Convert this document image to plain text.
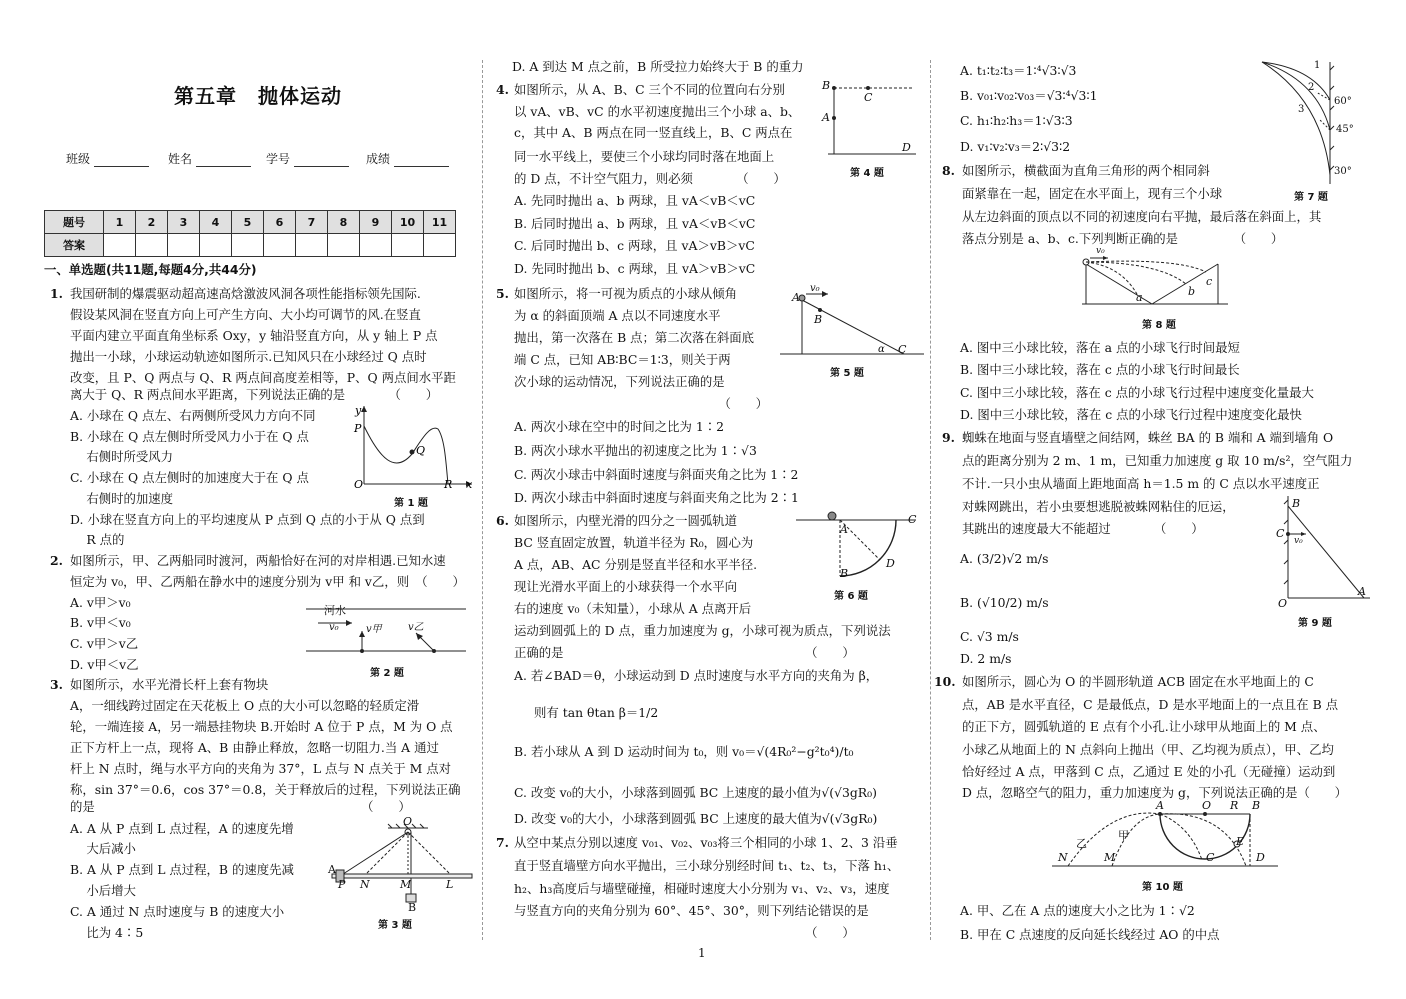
第五章　抛体运动
班级	姓名	学号	成绩
题号	1	2	3	4	5	6	7	8	9	10	11
答案											
一、单选题(共11题,每题4分,共44分)
1. 我国研制的爆震驱动超高速高焓激波风洞各项性能指标领先国际.
假设某风洞在竖直方向上可产生方向、大小均可调节的风.在竖直
平面内建立平面直角坐标系 Oxy，y 轴沿竖直方向，从 y 轴上 P 点
抛出一小球，小球运动轨迹如图所示.已知风只在小球经过 Q 点时
改变，且 P、Q 两点与 Q、R 两点间高度差相等，P、Q 两点间水平距
离大于 Q、R 两点间水平距离，下列说法正确的是　　　　（　　）
A. 小球在 Q 点左、右两侧所受风力方向不同
B. 小球在 Q 点左侧时所受风力小于在 Q 点
　 右侧时所受风力
C. 小球在 Q 点左侧时的加速度大于在 Q 点
　 右侧时的加速度
D. 小球在竖直方向上的平均速度从 P 点到 Q 点的小于从 Q 点到
　 R 点的
y
P
Q
O	R x
第 1 题
2. 如图所示，甲、乙两船同时渡河，两船恰好在河的对岸相遇.已知水速
恒定为 v₀，甲、乙两船在静水中的速度分别为 v甲 和 v乙，则　（　　）
A. v甲＞v₀
B. v甲＜v₀
C. v甲＞v乙
D. v甲＜v乙
河水
v₀	v甲	v乙
第 2 题
3. 如图所示，水平光滑长杆上套有物块
A，一细线跨过固定在天花板上 O 点的大小可以忽略的轻质定滑
轮，一端连接 A，另一端悬挂物块 B.开始时 A 位于 P 点，M 为 O 点
正下方杆上一点，现将 A、B 由静止释放，忽略一切阻力.当 A 通过
杆上 N 点时，绳与水平方向的夹角为 37°，L 点与 N 点关于 M 点对
称，sin 37°＝0.6，cos 37°＝0.8，关于释放后的过程，下列说法正确
的是　　　　　　　　　　　　　　　　　　　　　　（　　）
A. A 从 P 点到 L 点过程，A 的速度先增
　 大后减小
B. A 从 P 点到 L 点过程，B 的速度先减
　 小后增大
C. A 通过 N 点时速度与 B 的速度大小
　 比为 4∶5
O
A
P N	M	L
B
第 3 题
D. A 到达 M 点之前，B 所受拉力始终大于 B 的重力
4. 如图所示，从 A、B、C 三个不同的位置向右分别
以 vA、vB、vC 的水平初速度抛出三个小球 a、b、
c，其中 A、B 两点在同一竖直线上，B、C 两点在
同一水平线上，要使三个小球均同时落在地面上
的 D 点，不计空气阻力，则必须　　　　（　　）
A. 先同时抛出 a、b 两球，且 vA＜vB＜vC
B. 后同时抛出 a、b 两球，且 vA＜vB＜vC
C. 后同时抛出 b、c 两球，且 vA＞vB＞vC
D. 先同时抛出 b、c 两球，且 vA＞vB＞vC
B
C
A
D
第 4 题
5. 如图所示，将一可视为质点的小球从倾角
为 α 的斜面顶端 A 点以不同速度水平
抛出，第一次落在 B 点；第二次落在斜面底
端 C 点，已知 AB∶BC＝1∶3，则关于两
次小球的运动情况，下列说法正确的是
　　　　　　　　　　　　　　　　　（　　）
A. 两次小球在空中的时间之比为 1∶2
B. 两次小球水平抛出的初速度之比为 1∶√3
C. 两次小球击中斜面时速度与斜面夹角之比为 1∶2
D. 两次小球击中斜面时速度与斜面夹角之比为 2∶1
v₀
A
B
α C
第 5 题
6. 如图所示，内壁光滑的四分之一圆弧轨道
BC 竖直固定放置，轨道半径为 R₀，圆心为
A 点，AB、AC 分别是竖直半径和水平半径.
现让光滑水平面上的小球获得一个水平向
右的速度 v₀（未知量），小球从 A 点离开后
运动到圆弧上的 D 点，重力加速度为 g，小球可视为质点，下列说法
正确的是　　　　　　　　　　　　　　　　　　　　（　　）
A. 若∠BAD＝θ，小球运动到 D 点时速度与水平方向的夹角为 β，
则有 tan θtan β＝1/2
B. 若小球从 A 到 D 运动时间为 t₀，则 v₀＝√(4R₀²−g²t₀⁴)/t₀
C. 改变 v₀的大小，小球落到圆弧 BC 上速度的最小值为√(√3gR₀)
D. 改变 v₀的大小，小球落到圆弧 BC 上速度的最大值为√(√3gR₀)
A
C
B
D
第 6 题
7. 从空中某点分别以速度 v₀₁、v₀₂、v₀₃将三个相同的小球 1、2、3 沿垂
直于竖直墙壁方向水平抛出，三小球分别经时间 t₁、t₂、t₃，下落 h₁、
h₂、h₃高度后与墙壁碰撞，相碰时速度大小分别为 v₁、v₂、v₃，速度
与竖直方向的夹角分别为 60°、45°、30°，则下列结论错误的是
　　　　　　　　　　　　　　　　　　　　　　　　（　　）
A. t₁∶t₂∶t₃＝1∶⁴√3∶√3
B. v₀₁∶v₀₂∶v₀₃＝√3∶⁴√3∶1
C. h₁∶h₂∶h₃＝1∶√3∶3
D. v₁∶v₂∶v₃＝2∶√3∶2
1
2
3
60°
45°
30°
第 7 题
8. 如图所示，横截面为直角三角形的两个相同斜
面紧靠在一起，固定在水平面上，现有三个小球
从左边斜面的顶点以不同的初速度向右平抛，最后落在斜面上，其
落点分别是 a、b、c.下列判断正确的是　　　　　（　　）
v₀
a	b
c
第 8 题
A. 图中三小球比较，落在 a 点的小球飞行时间最短
B. 图中三小球比较，落在 c 点的小球飞行时间最长
C. 图中三小球比较，落在 c 点的小球飞行过程中速度变化量最大
D. 图中三小球比较，落在 c 点的小球飞行过程中速度变化最快
9. 蜘蛛在地面与竖直墙壁之间结网，蛛丝 BA 的 B 端和 A 端到墙角 O
点的距离分别为 2 m、1 m，已知重力加速度 g 取 10 m/s²，空气阻力
不计.一只小虫从墙面上距地面高 h＝1.5 m 的 C 点以水平速度正
对蛛网跳出，若小虫要想逃脱被蛛网粘住的厄运，
其跳出的速度最大不能超过　　　　（　　）
A. (3/2)√2 m/s
B. (√10/2) m/s
C. √3 m/s
D. 2 m/s
B
C
v₀
O
A
第 9 题
10. 如图所示，圆心为 O 的半圆形轨道 ACB 固定在水平地面上的 C
点，AB 是水平直径，C 是最低点，D 是水平地面上的一点且在 B 点
的正下方，圆弧轨道的 E 点有个小孔.让小球甲从地面上的 M 点、
小球乙从地面上的 N 点斜向上抛出（甲、乙均视为质点），甲、乙均
恰好经过 A 点，甲落到 C 点，乙通过 E 处的小孔（无碰撞）运动到
D 点，忽略空气的阻力，重力加速度为 g，下列说法正确的是（　　）
A	O R B
乙
甲
N	M	C
E
D
第 10 题
A. 甲、乙在 A 点的速度大小之比为 1∶√2
B. 甲在 C 点速度的反向延长线经过 AO 的中点
1
